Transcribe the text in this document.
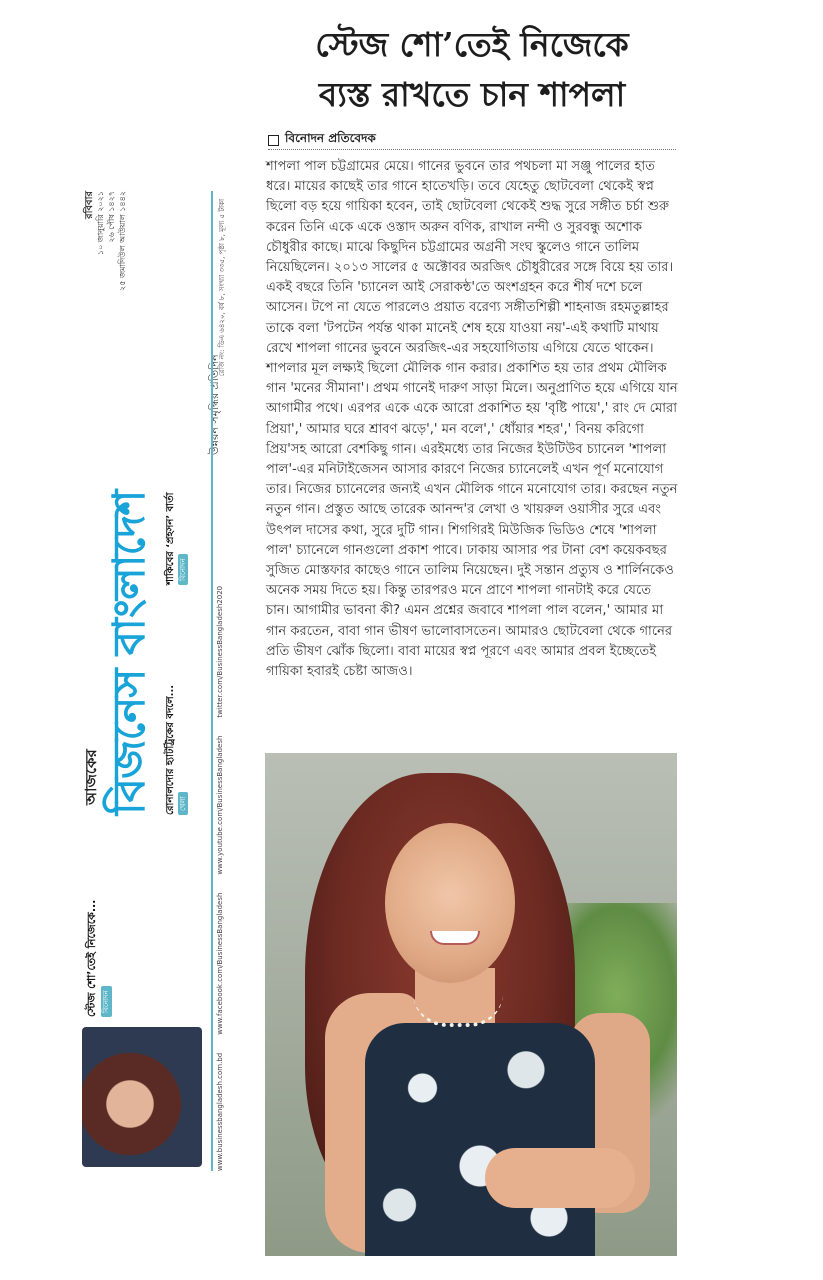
স্টেজ শো’তেই নিজেকে... বিনোদন
আজকের বিজনেস বাংলাদেশ
উন্নয়ন সমৃদ্ধির প্রতিদিন
রোনালদোর হ্যাটট্রিকের বদলে... খেলা
শাকিবের ‘প্রহসন’ বার্তা বিনোদন
রবিবার ১০ জানুয়ারি ২০২১ ২৬ পৌষ ১৪২৭ ২৫ জমাদিউল আউয়াল ১৪৪২
www.businessbangladesh.com.bd
www.facebook.com/BusinessBangladesh
www.youtube.com/BusinessBangladesh
twitter.com/BusinessBangladesh2020
রেজি নং: ডিএ ৬৪২০, বর্ষ ৮, সংখ্যা ৩৩৫, পৃষ্ঠা ৮, মূল্য ৫ টাকা
স্টেজ শো’তেই নিজেকে
ব্যস্ত রাখতে চান শাপলা
বিনোদন প্রতিবেদক

শাপলা পাল চট্টগ্রামের মেয়ে। গানের ভুবনে তার পথচলা মা সঞ্জু পালের হাত ধরে। মায়ের কাছেই তার গানে হাতেখড়ি। তবে যেহেতু ছোটবেলা থেকেই স্বপ্ন ছিলো বড় হয়ে গায়িকা হবেন, তাই ছোটবেলা থেকেই শুদ্ধ সুরে সঙ্গীত চর্চা শুরু করেন তিনি একে একে ওস্তাদ অরুন বণিক, রাখাল নন্দী ও সুরবন্ধু অশোক চৌধুরীর কাছে। মাঝে কিছুদিন চট্টগ্রামের অগ্রনী সংঘ স্কুলেও গানে তালিম নিয়েছিলেন। ২০১৩ সালের ৫ অক্টোবর অরজিৎ চৌধুরীরের সঙ্গে বিয়ে হয় তার। একই বছরে তিনি 'চ্যানেল আই সেরাকন্ঠ'তে অংশগ্রহন করে শীর্ষ দশে চলে আসেন। টপে না যেতে পারলেও প্রয়াত বরেণ্য সঙ্গীতশিল্পী শাহনাজ রহমতুল্লাহর তাকে বলা 'টপটেন পর্যন্ত থাকা মানেই শেষ হয়ে যাওয়া নয়'-এই কথাটি মাথায় রেখে শাপলা গানের ভুবনে অরজিৎ-এর সহযোগিতায় এগিয়ে যেতে থাকেন। শাপলার মূল লক্ষ্যই ছিলো মৌলিক গান করার। প্রকাশিত হয় তার প্রথম মৌলিক গান 'মনের সীমানা'। প্রথম গানেই দারুণ সাড়া মিলে। অনুপ্রাণিত হয়ে এগিয়ে যান আগামীর পথে। এরপর একে একে আরো প্রকাশিত হয় 'বৃষ্টি পায়ে',' রাং দে মোরা প্রিয়া',' আমার ঘরে শ্রাবণ ঝড়ে',' মন বলে',' ধোঁয়ার শহর',' বিনয় করিগো প্রিয়'সহ আরো বেশকিছু গান। এরইমধ্যে তার নিজের ইউটিউব চ্যানেল 'শাপলা পাল'-এর মনিটাইজেসন আসার কারণে নিজের চ্যানেলেই এখন পূর্ণ মনোযোগ তার। নিজের চ্যানেলের জন্যই এখন মৌলিক গানে মনোযোগ তার। করছেন নতুন নতুন গান। প্রস্তুত আছে তারেক আনন্দ'র লেখা ও খায়রুল ওয়াসীর সুরে এবং উৎপল দাসের কথা, সুরে দুটি গান। শিগগিরই মিউজিক ভিডিও শেষে 'শাপলা পাল' চ্যানেলে গানগুলো প্রকাশ পাবে। ঢাকায় আসার পর টানা বেশ কয়েকবছর সুজিত মোস্তফার কাছেও গানে তালিম নিয়েছেন। দুই সন্তান প্রত্যুষ ও শার্লিনকেও অনেক সময় দিতে হয়। কিন্তু তারপরও মনে প্রাণে শাপলা গানটাই করে যেতে চান। আগামীর ভাবনা কী? এমন প্রশ্নের জবাবে শাপলা পাল বলেন,' আমার মা গান করতেন, বাবা গান ভীষণ ভালোবাসতেন। আমারও ছোটবেলা থেকে গানের প্রতি ভীষণ ঝোঁক ছিলো। বাবা মায়ের স্বপ্ন পূরণে এবং আমার প্রবল ইচ্ছেতেই গায়িকা হবারই চেষ্টা আজও।
